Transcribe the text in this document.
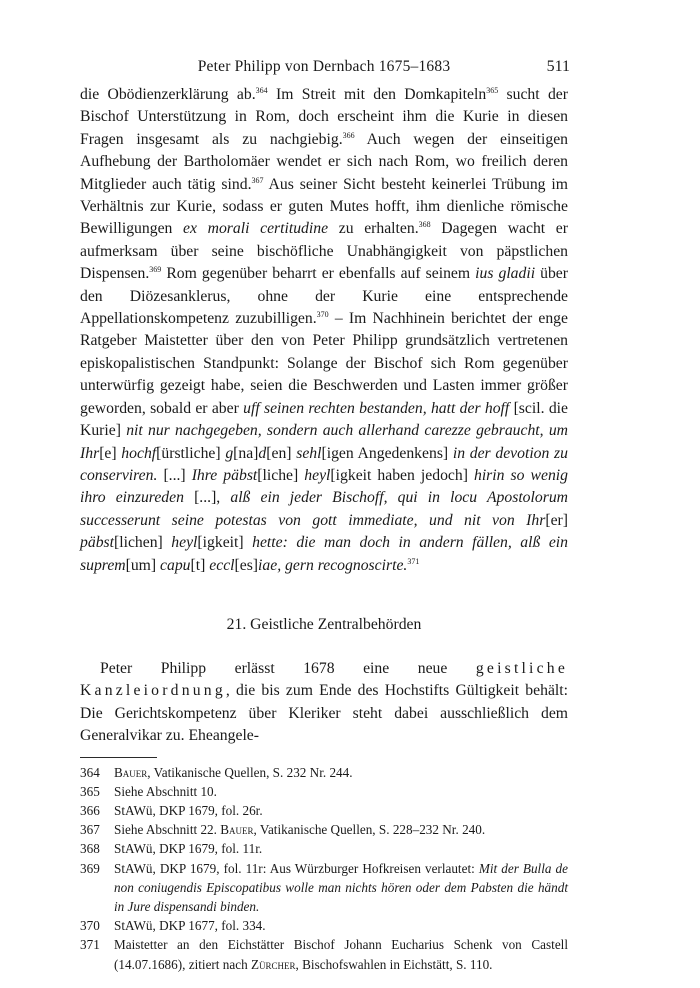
Peter Philipp von Dernbach 1675–1683	511
die Obödienzerklärung ab.$^{364}$ Im Streit mit den Domkapiteln$^{365}$ sucht der Bischof Unterstützung in Rom, doch erscheint ihm die Kurie in diesen Fragen insgesamt als zu nachgiebig.$^{366}$ Auch wegen der einseitigen Aufhebung der Bartholomäer wendet er sich nach Rom, wo freilich deren Mitglieder auch tätig sind.$^{367}$ Aus seiner Sicht besteht keinerlei Trübung im Verhältnis zur Kurie, sodass er guten Mutes hofft, ihm dienliche römische Bewilligungen ex morali certitudine zu erhalten.$^{368}$ Dagegen wacht er aufmerksam über seine bischöfliche Unabhängigkeit von päpstlichen Dispensen.$^{369}$ Rom gegenüber beharrt er ebenfalls auf seinem ius gladii über den Diözesanklerus, ohne der Kurie eine entsprechende Appellationskompetenz zuzubilligen.$^{370}$ – Im Nachhinein berichtet der enge Ratgeber Maistetter über den von Peter Philipp grundsätzlich vertretenen episkopalistischen Standpunkt: Solange der Bischof sich Rom gegenüber unterwürfig gezeigt habe, seien die Beschwerden und Lasten immer größer geworden, sobald er aber uff seinen rechten bestanden, hatt der hoff [scil. die Kurie] nit nur nachgegeben, sondern auch allerhand carezze gebraucht, um Ihr[e] hochf[ürstliche] g[na]d[en] sehl[igen Angedenkens] in der devotion zu conserviren. [...] Ihre päbst[liche] heyl[igkeit haben jedoch] hirin so wenig ihro einzureden [...], alß ein jeder Bischoff, qui in locu Apostolorum successerunt seine potestas von gott immediate, und nit von Ihr[er] päbst[lichen] heyl[igkeit] hette: die man doch in andern fällen, alß ein suprem[um] capu[t] eccl[es]iae, gern recognoscirte.$^{371}$
21. Geistliche Zentralbehörden
Peter Philipp erlässt 1678 eine neue geistliche Kanzleiordnung, die bis zum Ende des Hochstifts Gültigkeit behält: Die Gerichtskompetenz über Kleriker steht dabei ausschließlich dem Generalvikar zu. Eheangele-
364	Bauer, Vatikanische Quellen, S. 232 Nr. 244.
365	Siehe Abschnitt 10.
366	StAWü, DKP 1679, fol. 26r.
367	Siehe Abschnitt 22. Bauer, Vatikanische Quellen, S. 228–232 Nr. 240.
368	StAWü, DKP 1679, fol. 11r.
369	StAWü, DKP 1679, fol. 11r: Aus Würzburger Hofkreisen verlautet: Mit der Bulla de non coniugendis Episcopatibus wolle man nichts hören oder dem Pabsten die händt in Jure dispensandi binden.
370	StAWü, DKP 1677, fol. 334.
371	Maistetter an den Eichstätter Bischof Johann Eucharius Schenk von Castell (14.07.1686), zitiert nach Zürcher, Bischofswahlen in Eichstätt, S. 110.
